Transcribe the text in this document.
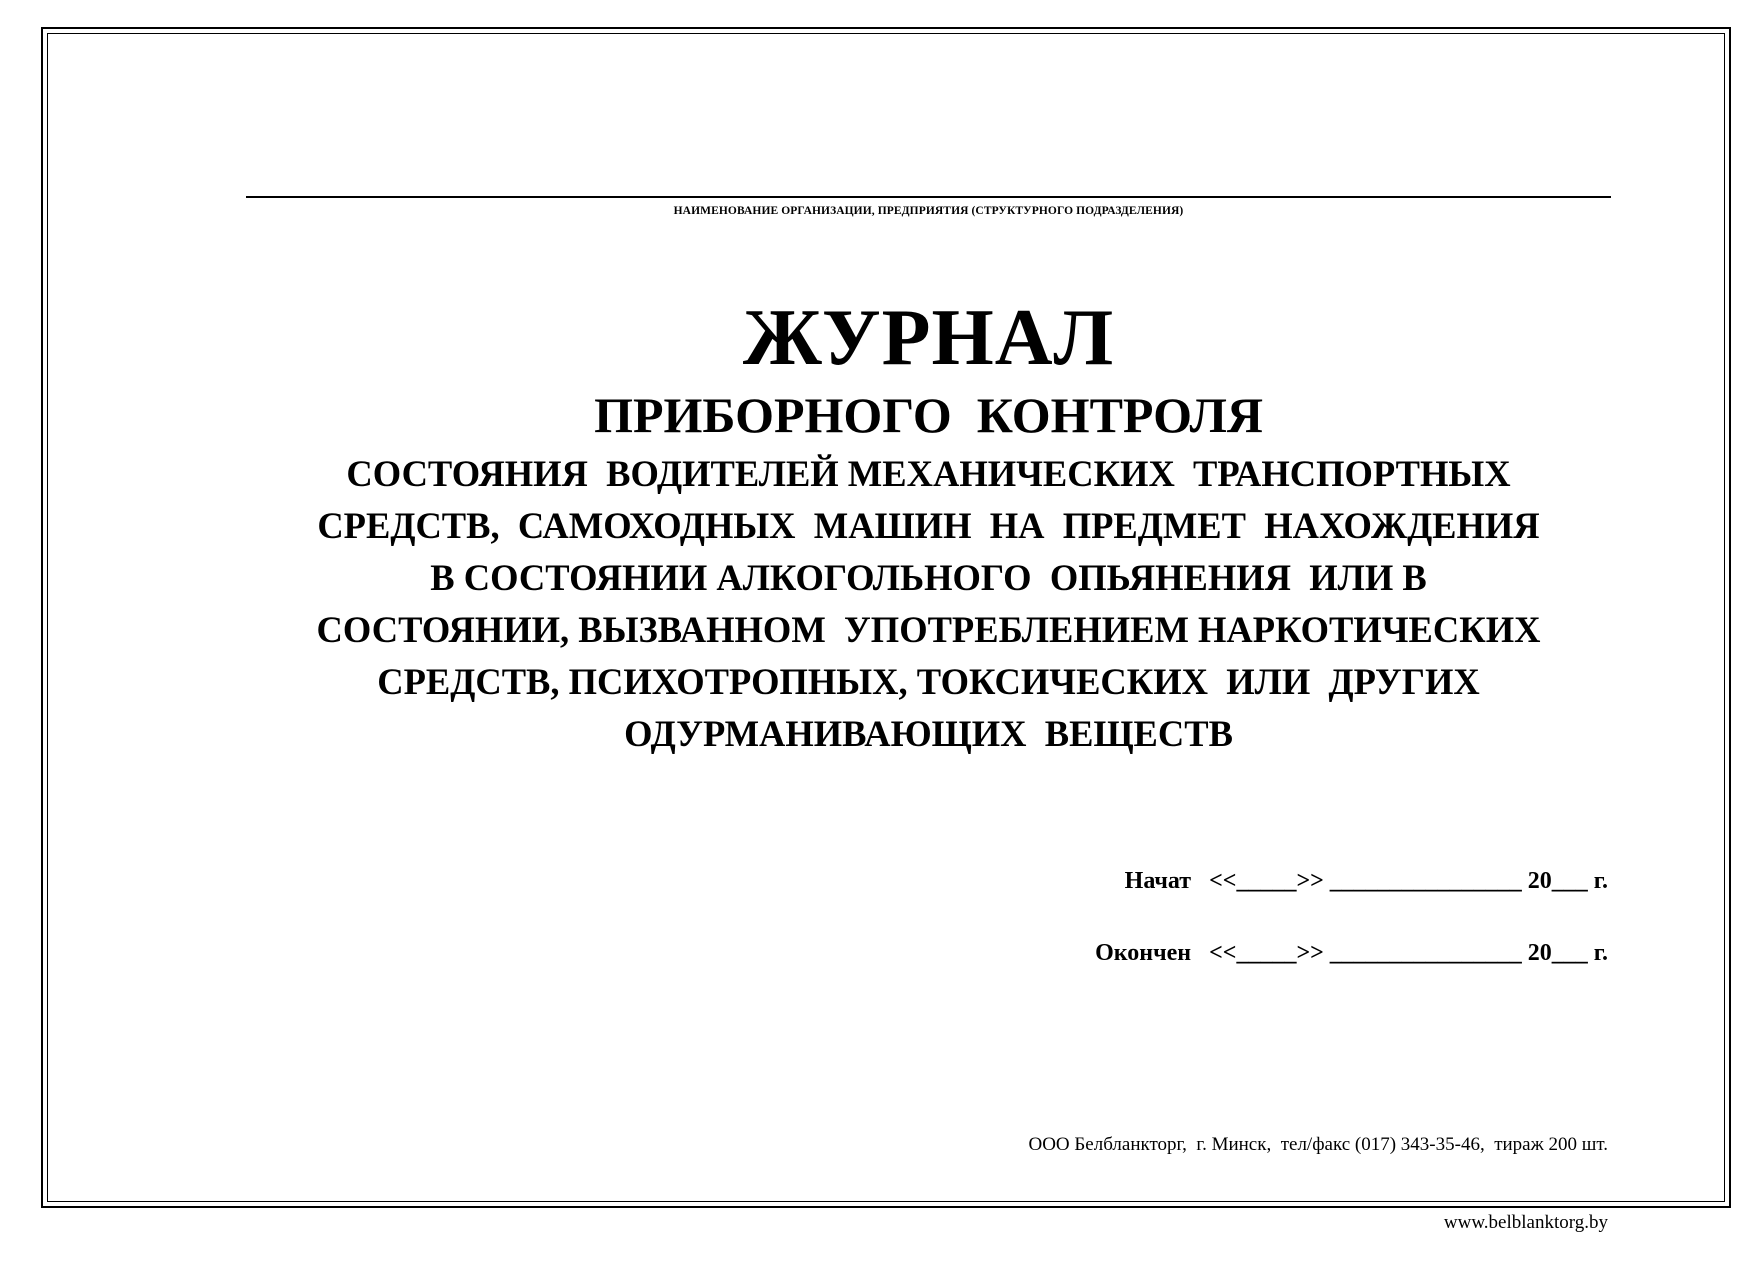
НАИМЕНОВАНИЕ ОРГАНИЗАЦИИ, ПРЕДПРИЯТИЯ (СТРУКТУРНОГО ПОДРАЗДЕЛЕНИЯ)
ЖУРНАЛ
ПРИБОРНОГО  КОНТРОЛЯ
СОСТОЯНИЯ  ВОДИТЕЛЕЙ МЕХАНИЧЕСКИХ  ТРАНСПОРТНЫХ
СРЕДСТВ,  САМОХОДНЫХ  МАШИН  НА  ПРЕДМЕТ  НАХОЖДЕНИЯ
В СОСТОЯНИИ АЛКОГОЛЬНОГО  ОПЬЯНЕНИЯ  ИЛИ В
СОСТОЯНИИ, ВЫЗВАННОМ  УПОТРЕБЛЕНИЕМ НАРКОТИЧЕСКИХ
СРЕДСТВ, ПСИХОТРОПНЫХ, ТОКСИЧЕСКИХ  ИЛИ  ДРУГИХ
ОДУРМАНИВАЮЩИХ  ВЕЩЕСТВ
Начат <<_____>> ________________ 20___ г.
Окончен <<_____>> ________________ 20___ г.

ООО Белбланкторг,  г. Минск,  тел/факс (017) 343-35-46,  тираж 200 шт.

www.belblanktorg.by
